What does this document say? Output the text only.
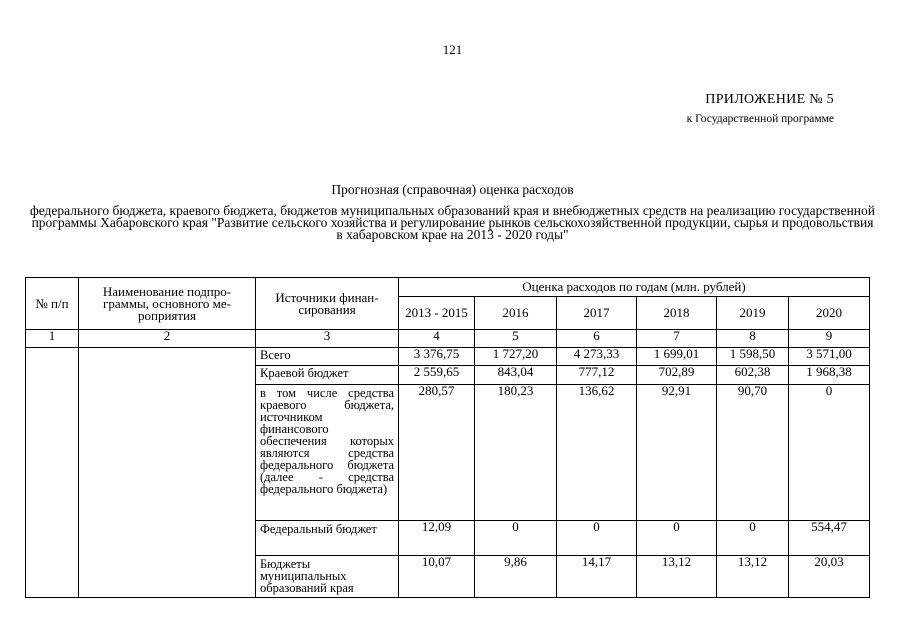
121
ПРИЛОЖЕНИЕ № 5
к Государственной программе
Прогнозная (справочная) оценка расходов
федерального бюджета, краевого бюджета, бюджетов муниципальных образований края и внебюджетных средств на реализацию государственной программы Хабаровского края "Развитие сельского хозяйства и регулирование рынков сельскохозяйственной продукции, сырья и продовольствия в хабаровском крае на 2013 - 2020 годы"
№ п/п	Наименование подпро-граммы, основного ме-роприятия	Источники финан-сирования	Оценка расходов по годам (млн. рублей)					
			2013 - 2015	2016	2017	2018	2019	2020
1	2	3	4	5	6	7	8	9
		Всего	3 376,75	1 727,20	4 273,33	1 699,01	1 598,50	3 571,00
		Краевой бюджет	2 559,65	843,04	777,12	702,89	602,38	1 968,38
		в том числе средства краевого бюджета, источником финансового обеспечения которых являются средства федерального бюджета (далее - средства федерального бюджета)	280,57	180,23	136,62	92,91	90,70	0
		Федеральный бюджет	12,09	0	0	0	0	554,47
		Бюджеты муниципальных образований края	10,07	9,86	14,17	13,12	13,12	20,03
